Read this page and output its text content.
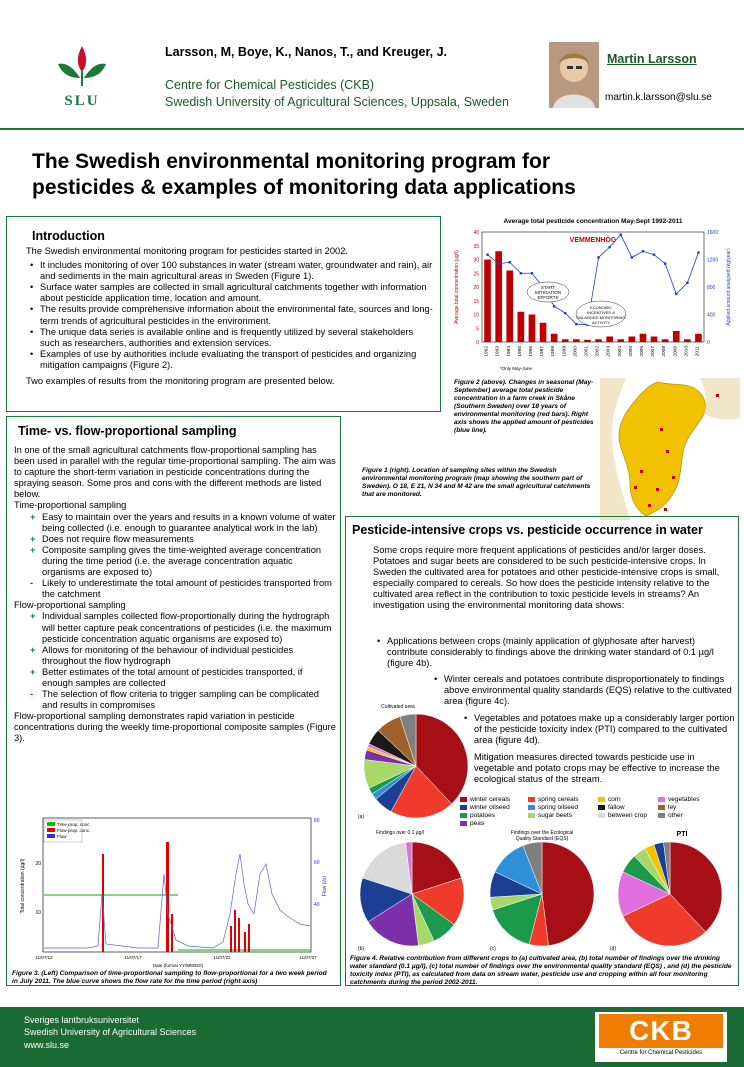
SLU
Larsson, M, Boye, K., Nanos, T., and Kreuger, J.
Centre for Chemical Pesticides (CKB)
Swedish University of Agricultural Sciences, Uppsala, Sweden
Martin Larsson
martin.k.larsson@slu.se
The Swedish environmental monitoring program for
pesticides & examples of monitoring data applications
Introduction
The Swedish environmental monitoring program for pesticides started in 2002.
• It includes monitoring of over 100 substances in water (stream water, groundwater and rain), air and sediments in the main agricultural areas in Sweden (Figure 1).
• Surface water samples are collected in small agricultural catchments together with information about pesticide application time, location and amount.
• The results provide comprehensive information about the environmental fate, sources and long-term trends of agricultural pesticides in the environment.
• The unique data series is available online and is frequently utilized by several stakeholders such as researchers, authorities and extension services.
• Examples of use by authorities include evaluating the transport of pesticides and organizing mitigation campaigns (Figure 2).
Two examples of results from the monitoring program are presented below.
Average total pesticide concentration May-Sept 1992-2011
VEMMENHÖG
0
5
10
15
20
25
30
35
40
0
400
800
1200
1600
Average total concentration (µg/l)	Applied amount analysed (kg/year)
1992 1993 1994 1995 1996 1997 1998 1999 2000 2001 2002 2003 2004 2005 2006 2007 2008 2009 2010 2011
*Only May-June
START
MITIGATION
EFFORTS
ECONOMIC
INCENTIVES &
ENLARGED MONITORING
ACTIVITY
Figure 2 (above). Changes in seasonal (May-September) average total pesticide concentration in a farm creek in Skåne (Southern Sweden) over 18 years of environmental monitoring (red bars). Right axis shows the applied amount of pesticides (blue line).
Figure 1 (right). Location of sampling sites within the Swedish environmental monitoring program (map showing the southern part of Sweden). O 18, E 21, N 34 and M 42 are the small agricultural catchments that are monitored.
Time- vs. flow-proportional sampling
In one of the small agricultural catchments flow-proportional sampling has been used in parallel with the regular time-proportional sampling. The aim was to capture the short-term variation in pesticide concentrations during the spraying season. Some pros and cons with the different methods are listed below.
Time-proportional sampling
+ Easy to maintain over the years and results in a known volume of water being collected (i.e. enough to guarantee analytical work in the lab)
+ Does not require flow measurements
+ Composite sampling gives the time-weighted average concentration during the time period (i.e. the average concentration aquatic organisms are exposed to)
- Likely to underestimate the total amount of pesticides transported from the catchment
Flow-proportional sampling
+ Individual samples collected flow-proportionally during the hydrograph will better capture peak concentrations of pesticides (i.e. the maximum pesticide concentration aquatic organisms are exposed to)
+ Allows for monitoring of the behaviour of individual pesticides throughout the flow hydrograph
+ Better estimates of the total amount of pesticides transported, if enough samples are collected
- The selection of flow criteria to trigger sampling can be complicated and results in compromises
Flow-proportional sampling demonstrates rapid variation in pesticide concentrations during the weekly time-proportional composite samples (Figure 3).
Time-prop. conc.
Flow-prop. conc.
Flow
Total concentration (µg/l)	Flow (l/s)
20
10
80
60
40
11/07/12	11/07/17	11/07/22	11/07/27
Date (format YY/MM/DD)
Figure 3. (Left) Comparison of time-proportional sampling to flow-proportional for a two week period in July 2011. The blue curve shows the flow rate for the time period (right axis)
Pesticide-intensive crops vs. pesticide occurrence in water
Some crops require more frequent applications of pesticides and/or larger doses. Potatoes and sugar beets are considered to be such pesticide-intensive crops. In Sweden the cultivated area for potatoes and other pesticide-intensive crops is small, especially compared to cereals. So how does the pesticide intensity relative to the cultivated area reflect in the contribution to toxic pesticide levels in streams? An investigation using the environmental monitoring data shows:
• Applications between crops (mainly application of glyphosate after harvest) contribute considerably to findings above the drinking water standard of 0.1 µg/l (figure 4b).
• Winter cereals and potatoes contribute disproportionately to findings above environmental quality standards (EQS) relative to the cultivated area (figure 4c).
• Vegetables and potatoes make up a considerably larger portion of the pesticide toxicity index (PTI) compared to the cultivated area (figure 4d).
Mitigation measures directed towards pesticide use in vegetable and potato crops may be effective to increase the ecological status of the stream.
Cultivated area
(a)
Findings over 0.1 µg/l
(b)
Findings over the Ecological Quality Standard (EQS)
(c)
PTI
(d)
winter cereals	spring cereals	corn	vegetables
winter oilseed	spring oilseed	fallow	ley
potatoes	sugar beets	between crop	other
peas
Figure 4. Relative contribution from different crops to (a) cultivated area, (b) total number of findings over the drinking water standard (0.1 µg/l), (c) total number of findings over the environmental quality standard (EQS) , and (d) the pesticide toxicity index (PTI), as calculated from data on stream water, pesticide use and cropping within all four monitoring catchments during the period 2002-2011.
Sveriges lantbruksuniversitet
Swedish University of Agricultural Sciences
www.slu.se	CKB
Centre for Chemical Pesticides
